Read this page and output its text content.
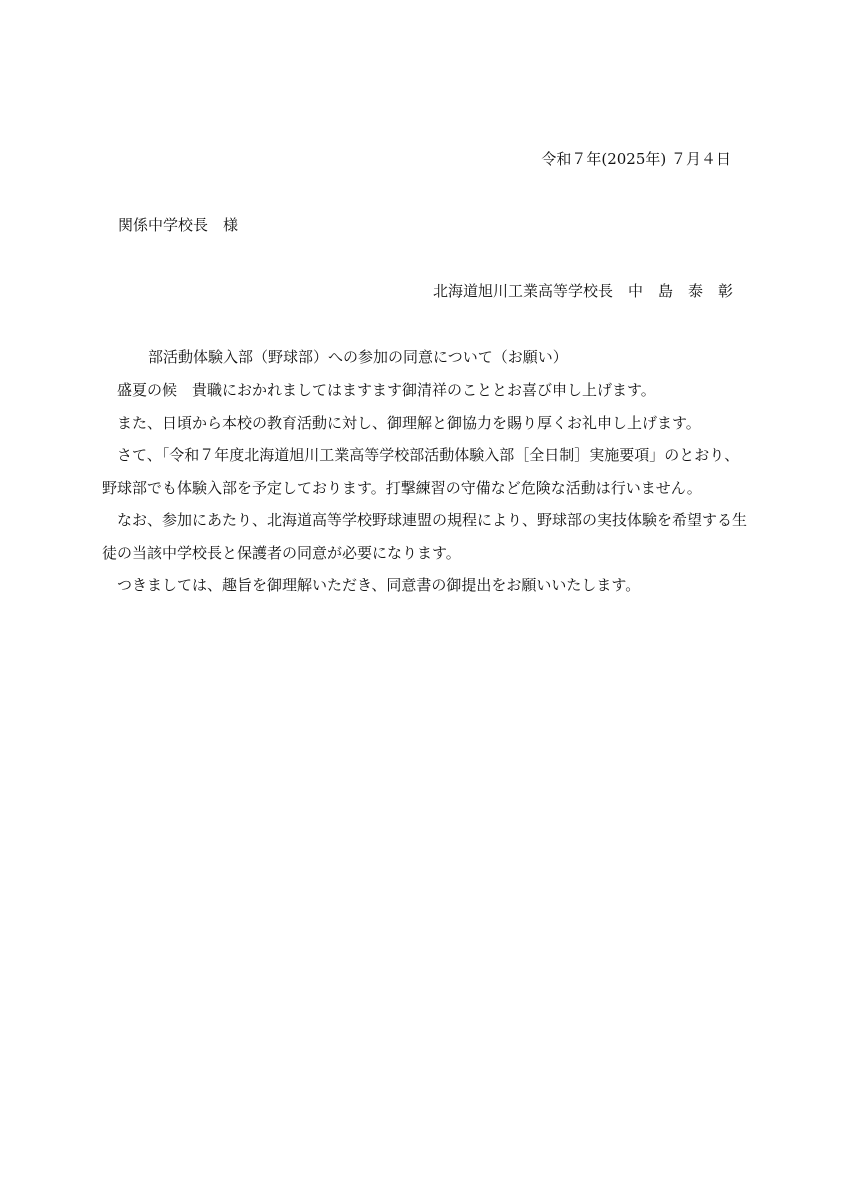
令和７年(2025年) ７月４日
関係中学校長　様
北海道旭川工業高等学校長　中　島　泰　彰
部活動体験入部（野球部）への参加の同意について（お願い）

盛夏の候　貴職におかれましてはますます御清祥のこととお喜び申し上げます。

また、日頃から本校の教育活動に対し、御理解と御協力を賜り厚くお礼申し上げます。

さて、「令和７年度北海道旭川工業高等学校部活動体験入部［全日制］実施要項」のとおり、

野球部でも体験入部を予定しております。打撃練習の守備など危険な活動は行いません。

なお、参加にあたり、北海道高等学校野球連盟の規程により、野球部の実技体験を希望する生

徒の当該中学校長と保護者の同意が必要になります。

つきましては、趣旨を御理解いただき、同意書の御提出をお願いいたします。
